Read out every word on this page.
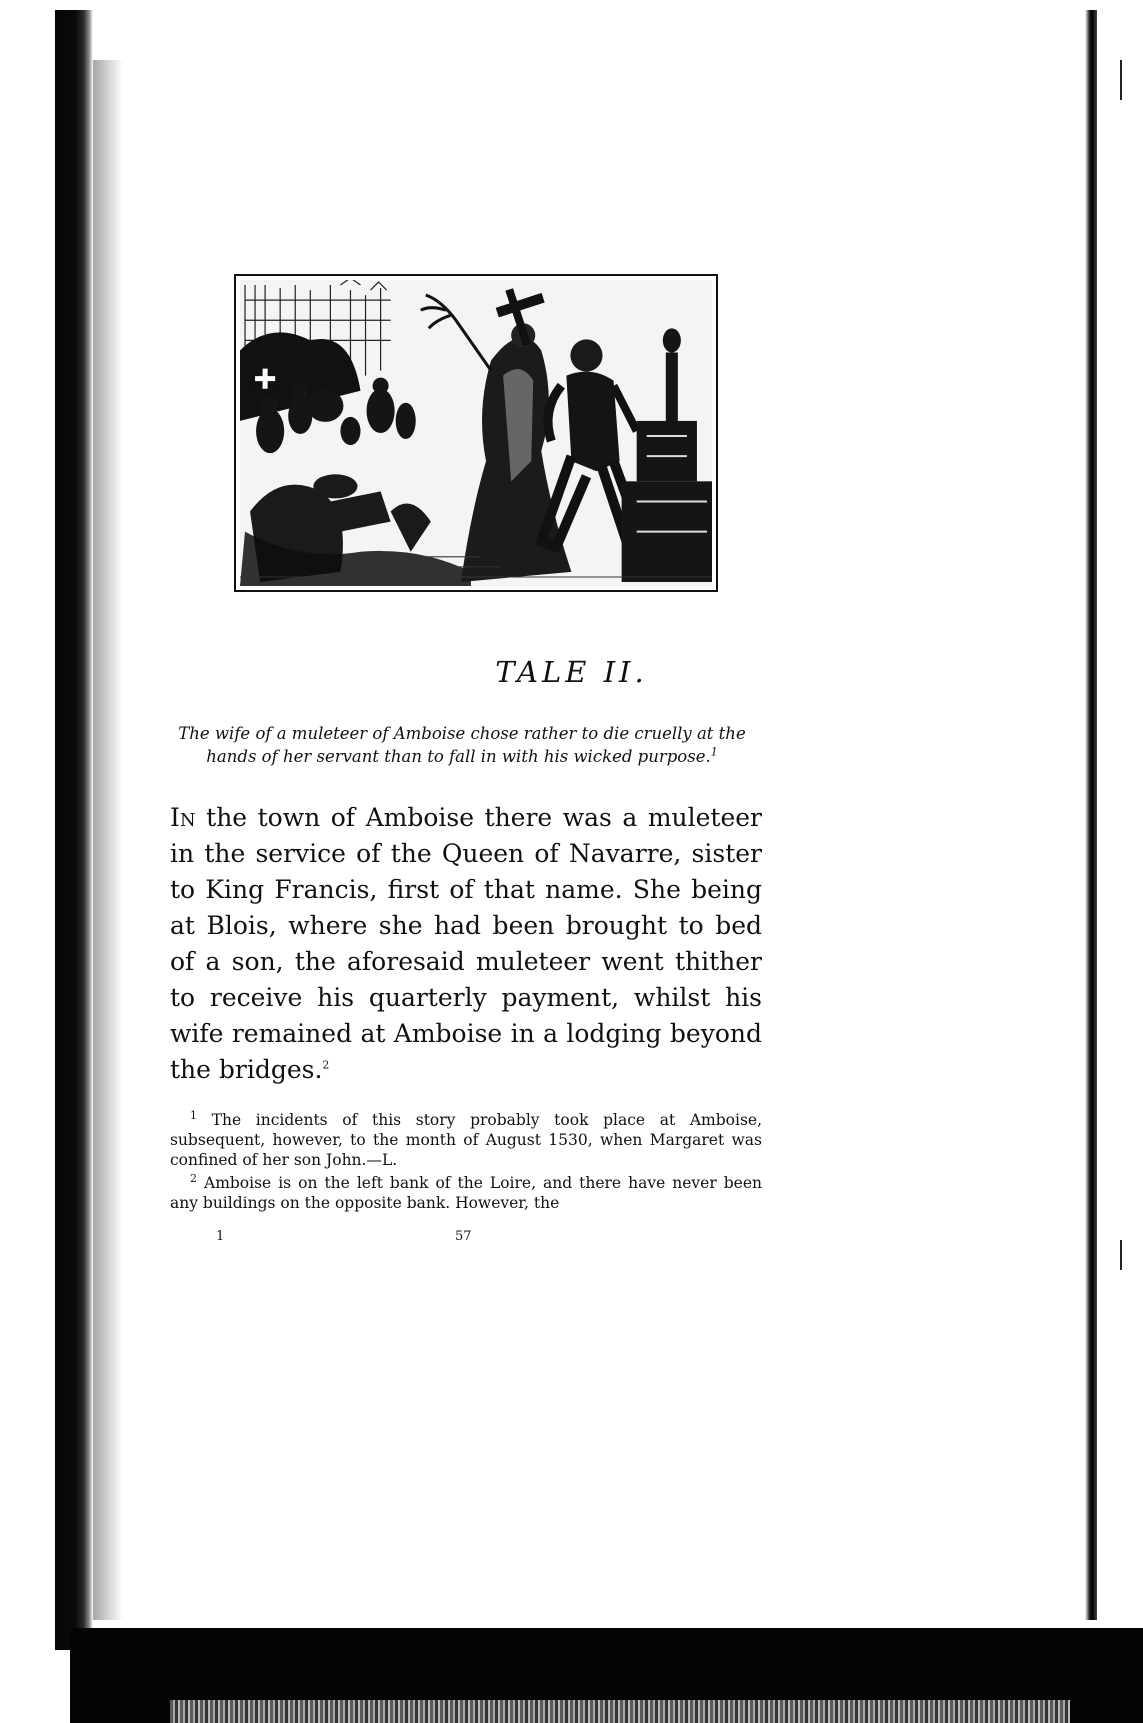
TALE II.

The wife of a muleteer of Amboise chose rather to die cruelly at the hands of her servant than to fall in with his wicked purpose.$^1$

In the town of Amboise there was a muleteer in the service of the Queen of Navarre, sister to King Francis, first of that name. She being at Blois, where she had been brought to bed of a son, the aforesaid muleteer went thither to receive his quarterly payment, whilst his wife remained at Amboise in a lodging beyond the bridges.$^2$

$^1$ The incidents of this story probably took place at Amboise, subsequent, however, to the month of August 1530, when Margaret was confined of her son John.—L.

$^2$ Amboise is on the left bank of the Loire, and there have never been any buildings on the opposite bank. However, the

1	57
